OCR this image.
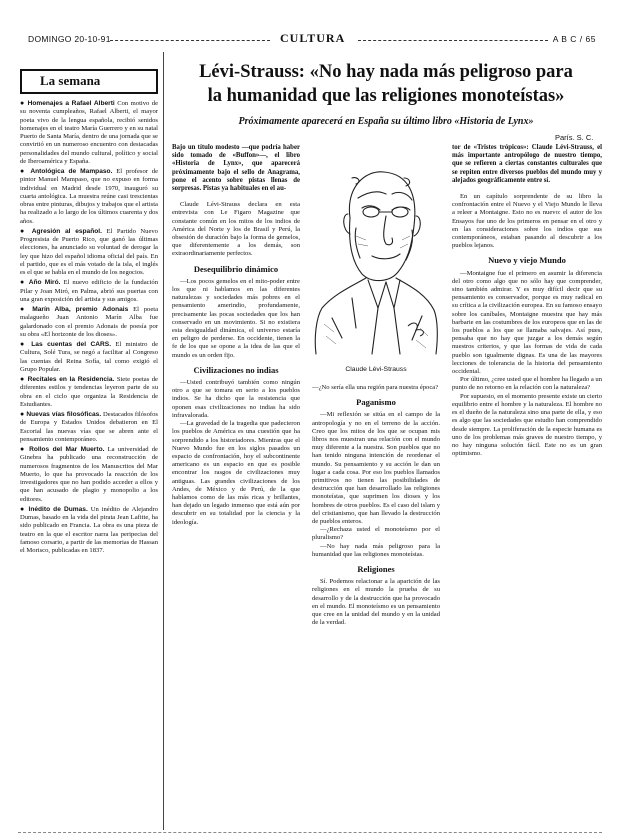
DOMINGO 20-10-91	CULTURA	A B C / 65
La semana
● Homenajes a Rafael Alberti Con motivo de su noventa cumpleaños, Rafael Alberti, el mayor poeta vivo de la lengua española, recibió senidos homenajes en el teatro María Guerrero y en su natal Puerto de Santa María, dentro de una jornada que se convirtió en un numeroso encuentro con destacadas personalidades del mundo cultural, político y social de Iberoamérica y España.
● Antológica de Mampaso. El profesor de pintor Manuel Mampaso, que no expuso en forma individual en Madrid desde 1970, inauguró su cuarta antológica. La muestra reúne casi trescientas obras entre pinturas, dibujos y trabajos que el artista ha realizado a lo largo de los últimos cuarenta y dos años.
● Agresión al español. El Partido Nuevo Progresista de Puerto Rico, que ganó las últimas elecciones, ha anunciado su voluntad de derogar la ley que hizo del español idioma oficial del país. En el partido, que es el más votado de la isla, el inglés es el que se habla en el mundo de los negocios.
● Año Miró. El nuevo edificio de la fundación Pilar y Joan Miró, en Palma, abrió sus puertas con una gran exposición del artista y sus amigos.
● Marín Alba, premio Adonais El poeta malagueño Juan Antonio Marín Alba fue galardonado con el premio Adonais de poesía por su obra «El horizonte de los dioses».
● Las cuentas del CARS. El ministro de Cultura, Solé Tura, se negó a facilitar al Congreso las cuentas del Reina Sofía, tal como exigió el Grupo Popular.
● Recitales en la Residencia. Siete poetas de diferentes estilos y tendencias leyeron parte de su obra en el ciclo que organiza la Residencia de Estudiantes.
● Nuevas vías filosóficas. Destacados filósofos de Europa y Estados Unidos debatieron en El Escorial las nuevas vías que se abren ante el pensamiento contemporáneo.
● Rollos del Mar Muerto. La universidad de Ginebra ha publicado una reconstrucción de numerosos fragmentos de los Manuscritos del Mar Muerto, lo que ha provocado la reacción de los investigadores que no han podido acceder a ellos y que han acusado de plagio y monopolio a los editores.
● Inédito de Dumas. Un inédito de Alejandro Dumas, basado en la vida del pirata Jean Lafitte, ha sido publicado en Francia. La obra es una pieza de teatro en la que el escritor narra las peripecias del famoso corsario, a partir de las memorias de Hassan el Morisco, publicadas en 1837.
Lévi-Strauss: «No hay nada más peligroso para
la humanidad que las religiones monoteístas»
Próximamente aparecerá en España su último libro «Historia de Lynx»
París. S. C.

Bajo un título modesto —que podría haber sido tomado de «Buffon»—, el libro «Historia de Lynx», que aparecerá próximamente bajo el sello de Anagrama, pone el acento sobre pistas llenas de sorpresas. Pistas ya habituales en el au-

Claude Lévi-Strauss declara en esta entrevista con Le Figaro Magazine que constante común en los mitos de los indios de América del Norte y los de Brasil y Perú, la obsesión de duración bajo la forma de gemelos, que diferentemente a los demás, son extraordinariamente perfectos.

Desequilibrio dinámico

—Los pocos gemelos en el mito-poder entre los que ni hablamos en las diferentes naturalezas y sociedades más pobres en el pensamiento amerindio, profundamente, precisamente las pocas sociedades que los han conservado en un movimiento. Si no existiera esta desigualdad dinámica, el universo estaría en peligro de perderse. En occidente, tienen la fe de los que se opone a la idea de las que el mundo es un orden fijo.

Civilizaciones no indias

—Usted contribuyó también como ningún otro a que se tomara en serio a los pueblos indios. Se ha dicho que la resistencia que oponen esas civilizaciones no indias ha sido infravalorada.

—La gravedad de la tragedia que padecieron los pueblos de América es una cuestión que ha sorprendido a los historiadores. Mientras que el Nuevo Mundo fue en los siglos pasados un espacio de confrontación, hoy el subcontinente americano es un espacio en que es posible encontrar los rasgos de civilizaciones muy antiguas. Las grandes civilizaciones de los Andes, de México y de Perú, de la que hablamos como de las más ricas y brillantes, han dejado un legado inmenso que está aún por descubrir en su totalidad por la ciencia y la ideología.

Claude Lévi-Strauss

—¿No sería ella una región para nuestra época?

Paganismo

—Mi reflexión se sitúa en el campo de la antropología y no en el terreno de la acción. Creo que los mitos de los que se ocupan mis libros nos muestran una relación con el mundo muy diferente a la nuestra. Son pueblos que no han tenido ninguna intención de reordenar el mundo. Su pensamiento y su acción le dan un lugar a cada cosa. Por eso los pueblos llamados primitivos no tienen las posibilidades de destrucción que han desarrollado las religiones monoteístas, que suprimen los dioses y los hombres de otros pueblos. Es el caso del islam y del cristianismo, que han llevado la destrucción de pueblos enteros.

—¿Rechaza usted el monoteísmo por el pluralismo?

—No hay nada más peligroso para la humanidad que las religiones monoteístas.

Religiones

Sí. Podemos relacionar a la aparición de las religiones en el mundo la prueba de su desarrollo y de la destrucción que ha provocado en el mundo. El monoteísmo es un pensamiento que cree en la unidad del mundo y en la unidad de la verdad.

tor de «Tristes trópicos»: Claude Lévi-Strauss, el más importante antropólogo de nuestro tiempo, que se refieren a ciertas constantes culturales que se repiten entre diversos pueblos del mundo muy y alejados geográficamente entre sí.

En un capítulo sorprendente de su libro la confrontación entre el Nuevo y el Viejo Mundo le lleva a releer a Montaigne. Esto no es nuevo: el autor de los Ensayos fue uno de los primeros en pensar en el otro y en las consideraciones sobre los indios que sus contemporáneos, estaban pasando al descubrir a los pueblos lejanos.

Nuevo y viejo Mundo

—Montaigne fue el primero en asumir la diferencia del otro como algo que no sólo hay que comprender, sino también admirar. Y es muy difícil decir que su pensamiento es conservador, porque es muy radical en su crítica a la civilización europea. En su famoso ensayo sobre los caníbales, Montaigne muestra que hay más barbarie en las costumbres de los europeos que en las de los pueblos a los que se llamaba salvajes. Así pues, pensaba que no hay que juzgar a los demás según nuestros criterios, y que las formas de vida de cada pueblo son igualmente dignas. Es una de las mayores lecciones de tolerancia de la historia del pensamiento occidental.

Por último, ¿cree usted que el hombre ha llegado a un punto de no retorno en la relación con la naturaleza?

Por supuesto, en el momento presente existe un cierto equilibrio entre el hombre y la naturaleza. El hombre no es el dueño de la naturaleza sino una parte de ella, y eso es algo que las sociedades que estudio han comprendido desde siempre. La proliferación de la especie humana es uno de los problemas más graves de nuestro tiempo, y no hay ninguna solución fácil. Este no es un gran optimismo.
